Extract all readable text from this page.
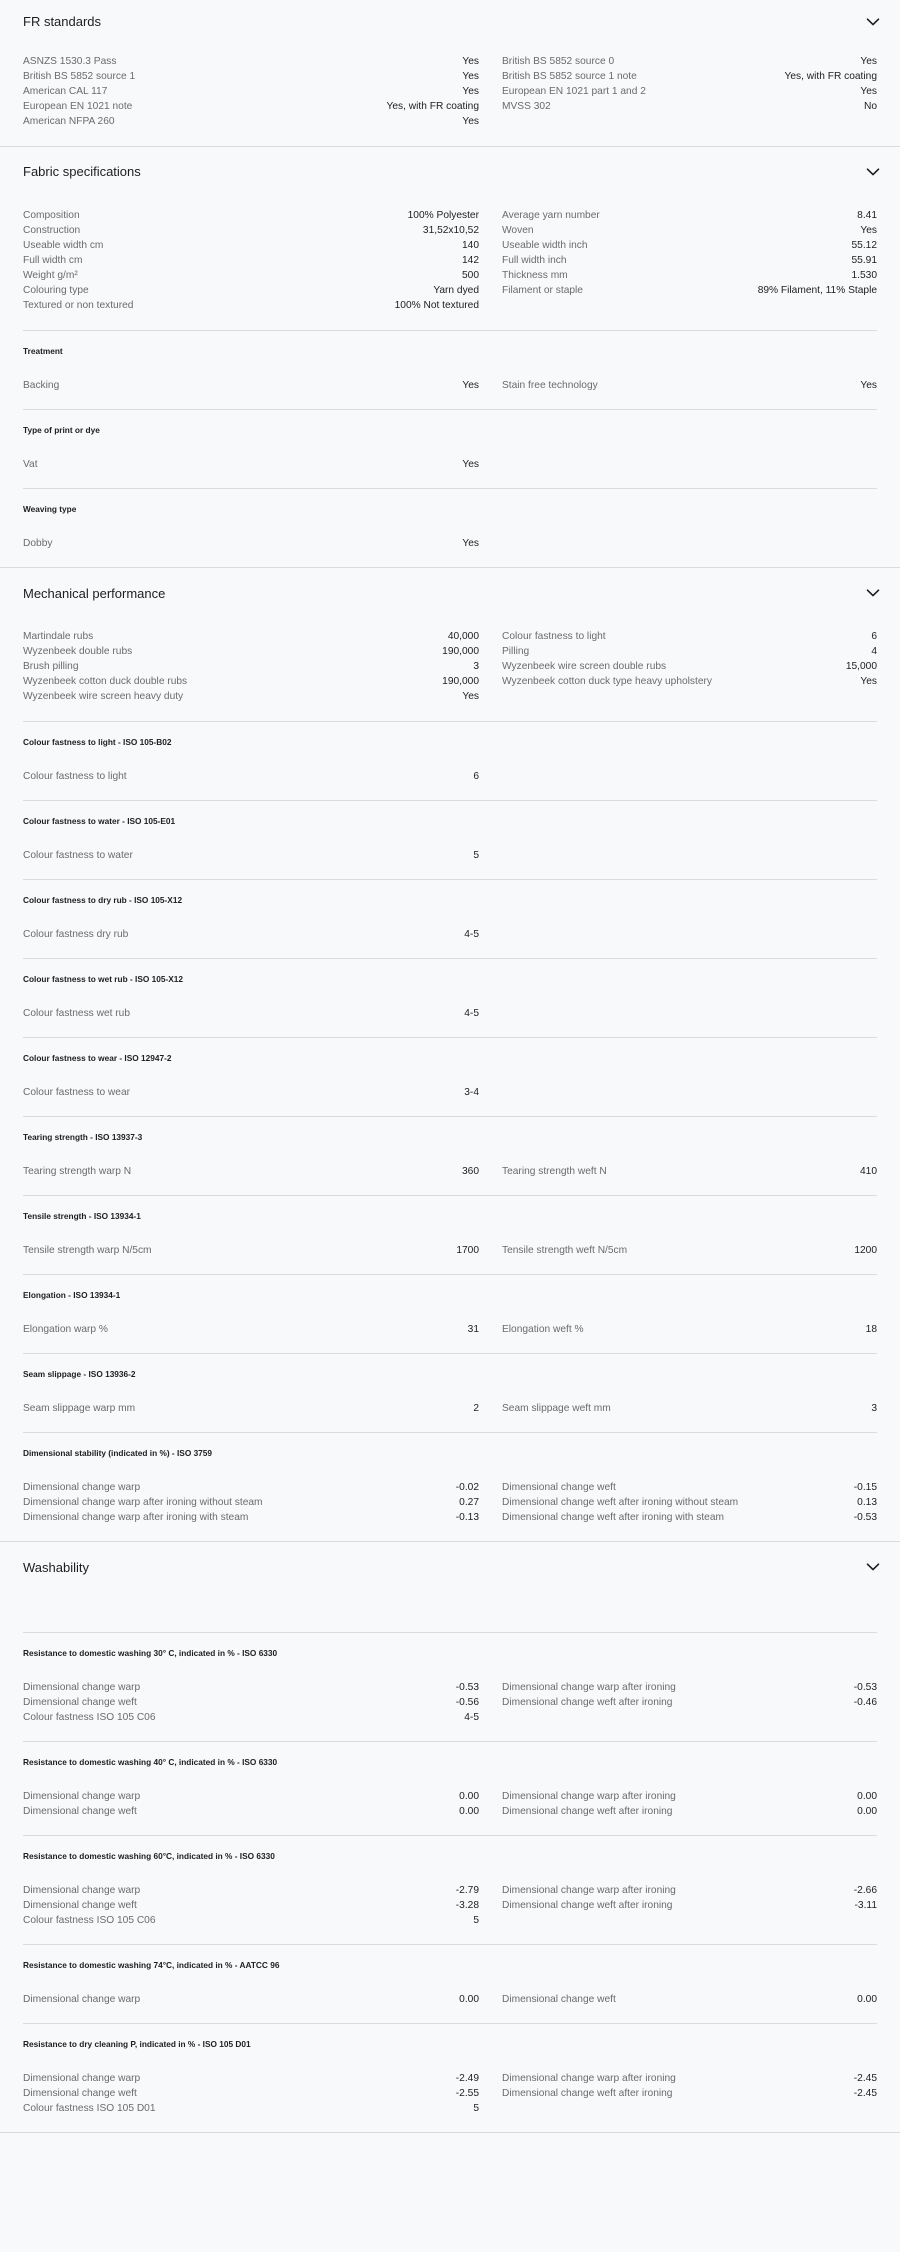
FR standards
ASNZS 1530.3 Pass	Yes
British BS 5852 source 1	Yes
American CAL 117	Yes
European EN 1021 note	Yes, with FR coating
American NFPA 260	Yes
British BS 5852 source 0	Yes
British BS 5852 source 1 note	Yes, with FR coating
European EN 1021 part 1 and 2	Yes
MVSS 302	No
Fabric specifications
Composition	100% Polyester
Construction	31,52x10,52
Useable width cm	140
Full width cm	142
Weight g/m²	500
Colouring type	Yarn dyed
Textured or non textured	100% Not textured
Average yarn number	8.41
Woven	Yes
Useable width inch	55.12
Full width inch	55.91
Thickness mm	1.530
Filament or staple	89% Filament, 11% Staple
Treatment
Backing	Yes Stain free technology	Yes
Type of print or dye
Vat	Yes
Weaving type
Dobby	Yes
Mechanical performance
Martindale rubs	40,000
Wyzenbeek double rubs	190,000
Brush pilling	3
Wyzenbeek cotton duck double rubs	190,000
Wyzenbeek wire screen heavy duty	Yes
Colour fastness to light	6
Pilling	4
Wyzenbeek wire screen double rubs	15,000
Wyzenbeek cotton duck type heavy upholstery	Yes
Colour fastness to light - ISO 105-B02
Colour fastness to light	6
Colour fastness to water - ISO 105-E01
Colour fastness to water	5
Colour fastness to dry rub - ISO 105-X12
Colour fastness dry rub	4-5
Colour fastness to wet rub - ISO 105-X12
Colour fastness wet rub	4-5
Colour fastness to wear - ISO 12947-2
Colour fastness to wear	3-4
Tearing strength - ISO 13937-3
Tearing strength warp N	360 Tearing strength weft N	410
Tensile strength - ISO 13934-1
Tensile strength warp N/5cm	1700 Tensile strength weft N/5cm	1200
Elongation - ISO 13934-1
Elongation warp %	31 Elongation weft %	18
Seam slippage - ISO 13936-2
Seam slippage warp mm	2 Seam slippage weft mm	3
Dimensional stability (indicated in %) - ISO 3759
Dimensional change warp	-0.02
Dimensional change warp after ironing without steam	0.27
Dimensional change warp after ironing with steam	-0.13
Dimensional change weft	-0.15
Dimensional change weft after ironing without steam	0.13
Dimensional change weft after ironing with steam	-0.53
Washability
Resistance to domestic washing 30° C, indicated in % - ISO 6330
Dimensional change warp	-0.53
Dimensional change weft	-0.56
Colour fastness ISO 105 C06	4-5
Dimensional change warp after ironing	-0.53
Dimensional change weft after ironing	-0.46
Resistance to domestic washing 40° C, indicated in % - ISO 6330
Dimensional change warp	0.00
Dimensional change weft	0.00
Dimensional change warp after ironing	0.00
Dimensional change weft after ironing	0.00
Resistance to domestic washing 60°C, indicated in % - ISO 6330
Dimensional change warp	-2.79
Dimensional change weft	-3.28
Colour fastness ISO 105 C06	5
Dimensional change warp after ironing	-2.66
Dimensional change weft after ironing	-3.11
Resistance to domestic washing 74°C, indicated in % - AATCC 96
Dimensional change warp	0.00 Dimensional change weft	0.00
Resistance to dry cleaning P, indicated in % - ISO 105 D01
Dimensional change warp	-2.49
Dimensional change weft	-2.55
Colour fastness ISO 105 D01	5
Dimensional change warp after ironing	-2.45
Dimensional change weft after ironing	-2.45
